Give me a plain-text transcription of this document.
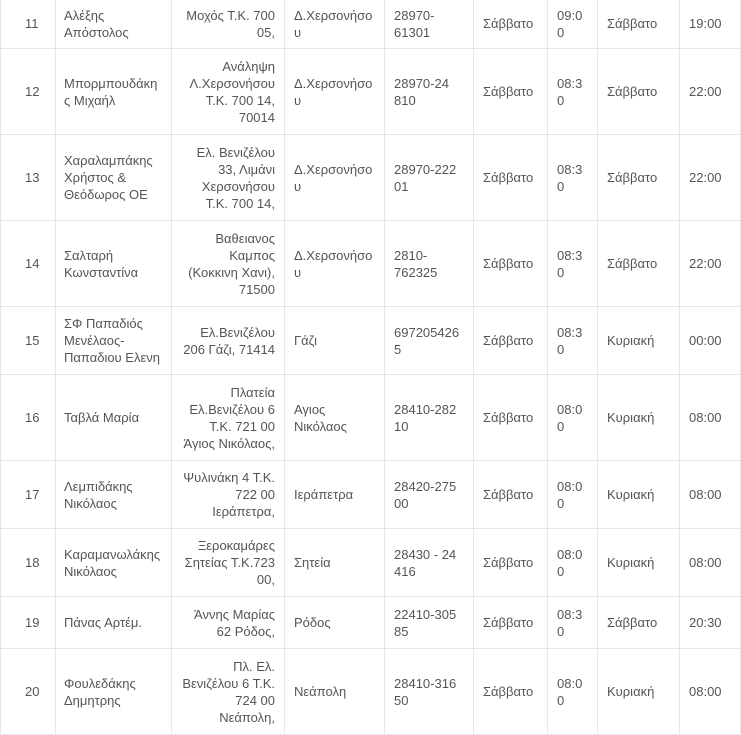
11	Αλέξης Απόστολος	Μοχός Τ.Κ. 700 05,	Δ.Χερσονήσου	28970-61301	Σάββατο	09:00	Σάββατο	19:00
12	Μπορμπουδάκης Μιχαήλ	Ανάληψη Λ.Χερσονήσου Τ.Κ. 700 14, 70014	Δ.Χερσονήσου	28970-24 810	Σάββατο	08:30	Σάββατο	22:00
13	Χαραλαμπάκης Χρήστος & Θεόδωρος ΟΕ	Ελ. Βενιζέλου 33, Λιμάνι Χερσονήσου Τ.Κ. 700 14,	Δ.Χερσονήσου	28970-222 01	Σάββατο	08:30	Σάββατο	22:00
14	Σαλταρή Κωνσταντίνα	Βαθειανος Καμπος (Κοκκινη Χανι), 71500	Δ.Χερσονήσου	2810-762325	Σάββατο	08:30	Σάββατο	22:00
15	ΣΦ Παπαδιός Μενέλαος-Παπαδιου Ελενη	Ελ.Βενιζέλου 206 Γάζι, 71414	Γάζι	6972054265	Σάββατο	08:30	Κυριακή	00:00
16	Ταβλά Μαρία	Πλατεία Ελ.Βενιζέλου 6 Τ.Κ. 721 00 Άγιος Νικόλαος,	Αγιος Νικόλαος	28410-282 10	Σάββατο	08:00	Κυριακή	08:00
17	Λεμπιδάκης Νικόλαος	Ψυλινάκη 4 Τ.Κ. 722 00 Ιεράπετρα,	Ιεράπετρα	28420-275 00	Σάββατο	08:00	Κυριακή	08:00
18	Καραμανωλάκης Νικόλαος	Ξεροκαμάρες Σητείας Τ.Κ.723 00,	Σητεία	28430 - 24 416	Σάββατο	08:00	Κυριακή	08:00
19	Πάνας Αρτέμ.	Άννης Μαρίας 62 Ρόδος,	Ρόδος	22410-305 85	Σάββατο	08:30	Σάββατο	20:30
20	Φουλεδάκης Δημητρης	Πλ. Ελ. Βενιζέλου 6 Τ.Κ. 724 00 Νεάπολη,	Νεάπολη	28410-316 50	Σάββατο	08:00	Κυριακή	08:00
